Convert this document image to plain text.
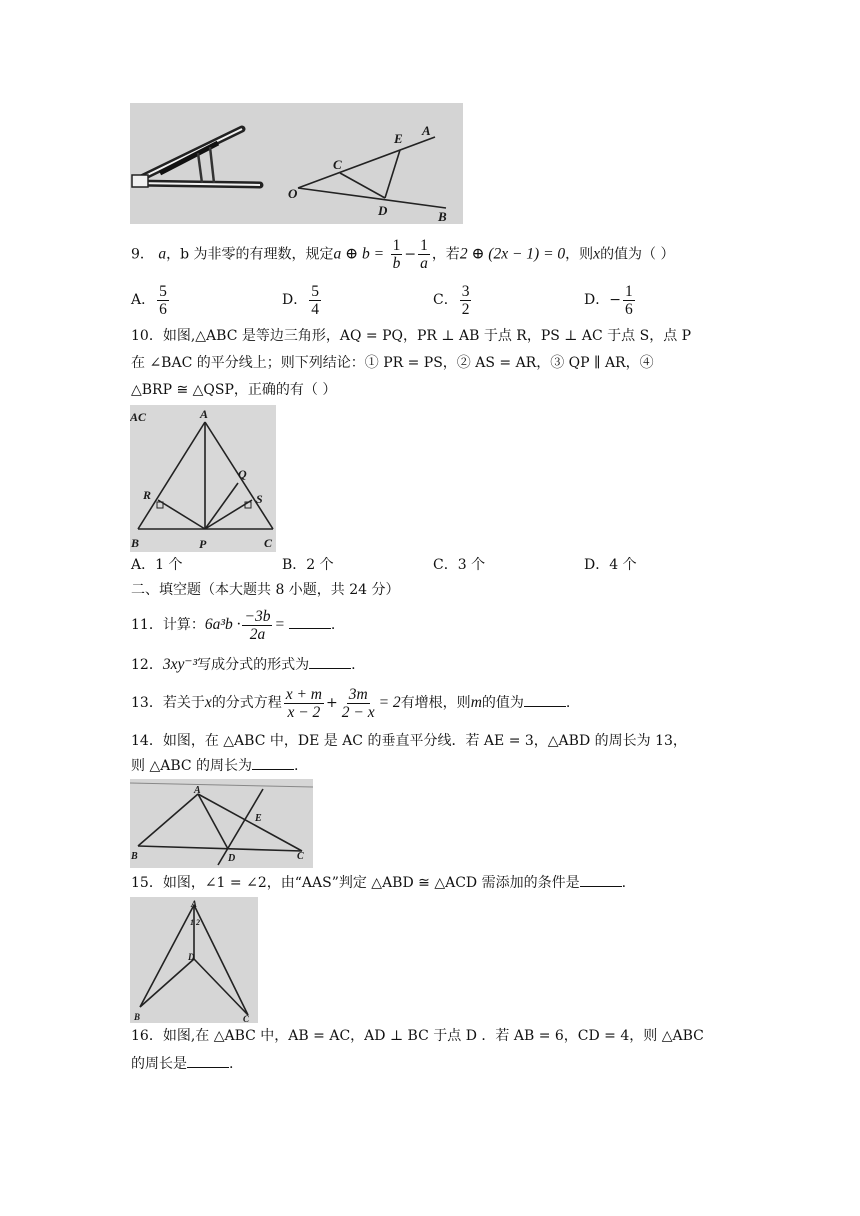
O
A
B
C
D
E
9． a，b 为非零的有理数，规定a ⊕ $b = \frac{1}{b} - \frac{1}{a}$ ，若2 ⊕ (2x − 1) = 0，则x的值为（ ）
A． $\frac{5}{6}$	D． $\frac{5}{4}$	C． $\frac{3}{2}$	D．− $\frac{1}{6}$
10．如图,△ABC 是等边三角形，AQ = PQ，PR ⊥ AB 于点 R，PS ⊥ AC 于点 S，点 P
在 ∠BAC 的平分线上；则下列结论：① PR = PS，② AS = AR，③ QP ∥ AR，④
△BRP ≅ △QSP，正确的有（ ）
AC	A
B	C
P
Q
R	S
A．1 个	B．2 个	C．3 个	D．4 个
二、填空题（本大题共 8 小题，共 24 分）
11．计算：$6a^3b \cdot \frac{-3b}{2a}$ =	.
12．3xy⁻³写成分式的形式为	.
13．若关于x的分式方程 $\frac{x + m}{x - 2} + \frac{3m}{2 - x} = 2$有增根，则m的值为	.
14．如图，在 △ABC 中，DE 是 AC 的垂直平分线．若 AE = 3，△ABD 的周长为 13，
则 △ABC 的周长为	.
A
B	C
D
E
15．如图，∠1 = ∠2，由“AAS”判定 △ABD ≅ △ACD 需添加的条件是	.
A
B	C
D
1 2
16．如图,在 △ABC 中，AB = AC，AD ⊥ BC 于点 D ．若 AB = 6，CD = 4，则 △ABC
的周长是	.
